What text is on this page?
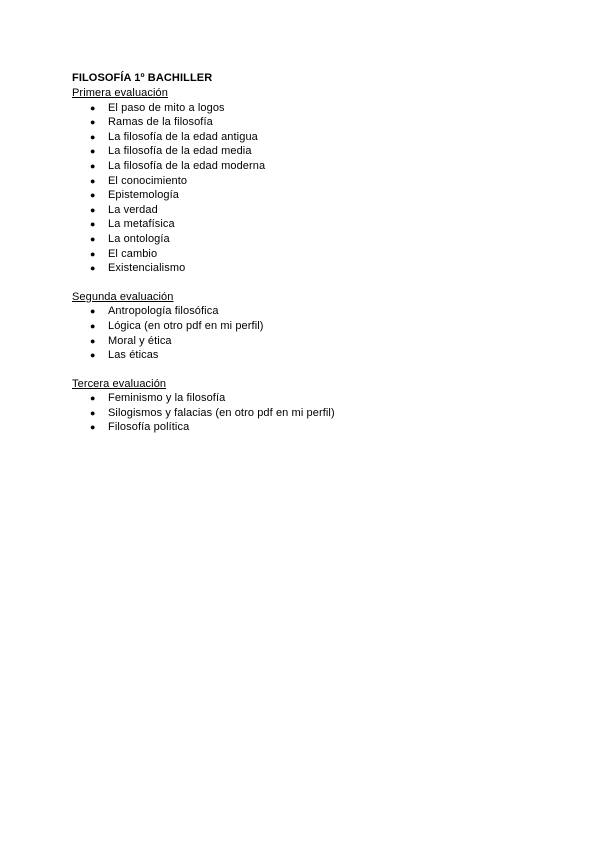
FILOSOFÍA 1º BACHILLER
Primera evaluación
● El paso de mito a logos
● Ramas de la filosofía
● La filosofía de la edad antigua
● La filosofía de la edad media
● La filosofía de la edad moderna
● El conocimiento
● Epistemología
● La verdad
● La metafísica
● La ontología
● El cambio
● Existencialismo
Segunda evaluación
● Antropología filosófica
● Lógica (en otro pdf en mi perfil)
● Moral y ética
● Las éticas
Tercera evaluación
● Feminismo y la filosofía
● Silogismos y falacias (en otro pdf en mi perfil)
● Filosofía política
